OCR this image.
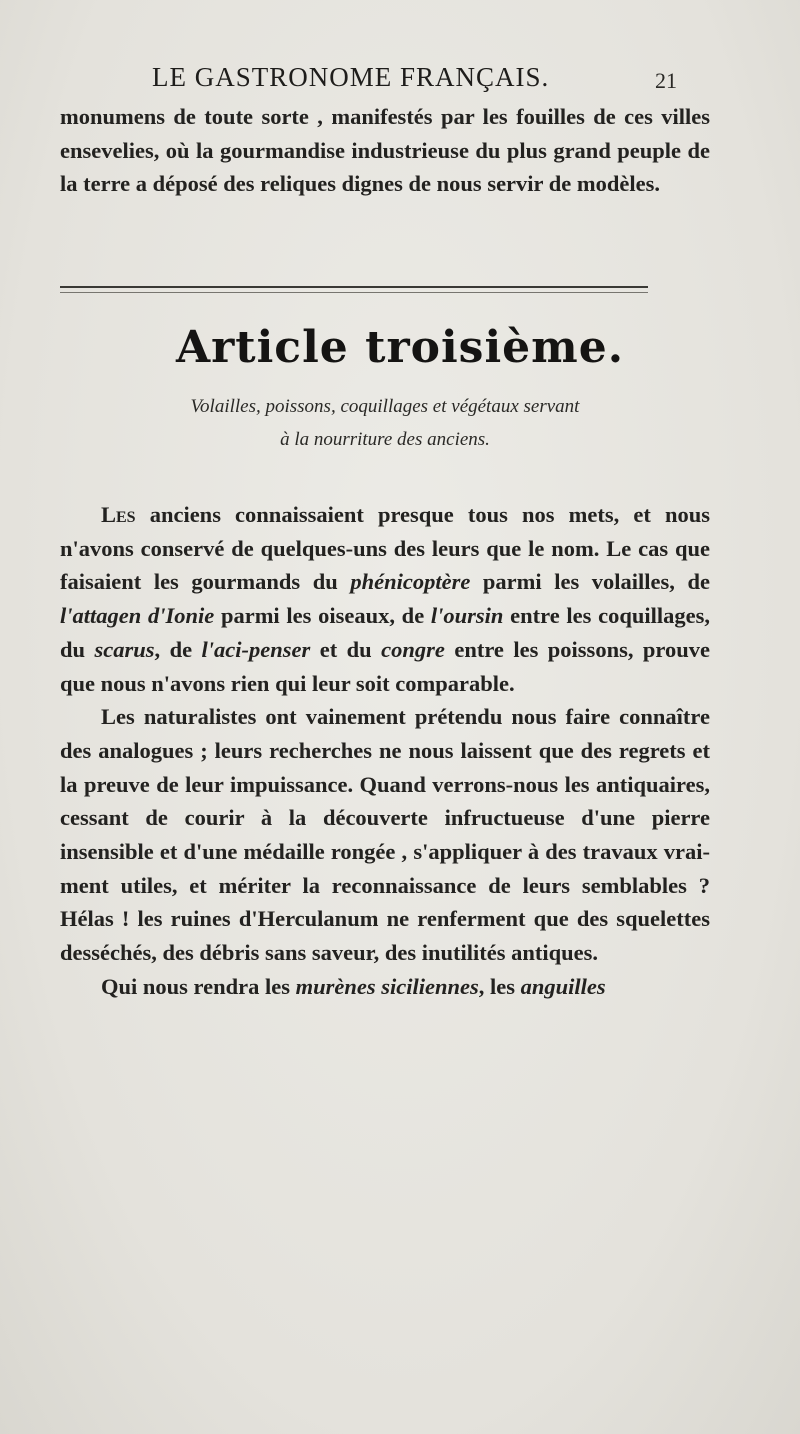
LE GASTRONOME FRANÇAIS.	21

monumens de toute sorte , manifestés par les fouilles de ces villes ensevelies, où la gourmandise industrieuse du plus grand peuple de la terre a déposé des reliques dignes de nous servir de modèles.

Article troisième.
Volailles, poissons, coquillages et végétaux servant
à la nourriture des anciens.

Les anciens connaissaient presque tous nos mets, et nous n'avons conservé de quelques-uns des leurs que le nom. Le cas que faisaient les gourmands du phénicoptère parmi les volailles, de l'attagen d'Ionie parmi les oiseaux, de l'oursin entre les coquillages, du scarus, de l'aci-penser et du congre entre les poissons, prouve que nous n'avons rien qui leur soit comparable.

Les naturalistes ont vainement prétendu nous faire connaître des analogues ; leurs recherches ne nous laissent que des regrets et la preuve de leur impuissance. Quand verrons-nous les antiquaires, cessant de courir à la découverte infructueuse d'une pierre insensible et d'une médaille rongée , s'appliquer à des travaux vrai-ment utiles, et mériter la reconnaissance de leurs semblables ? Hélas ! les ruines d'Herculanum ne renferment que des squelettes desséchés, des débris sans saveur, des inutilités antiques.

Qui nous rendra les murènes siciliennes, les anguilles
